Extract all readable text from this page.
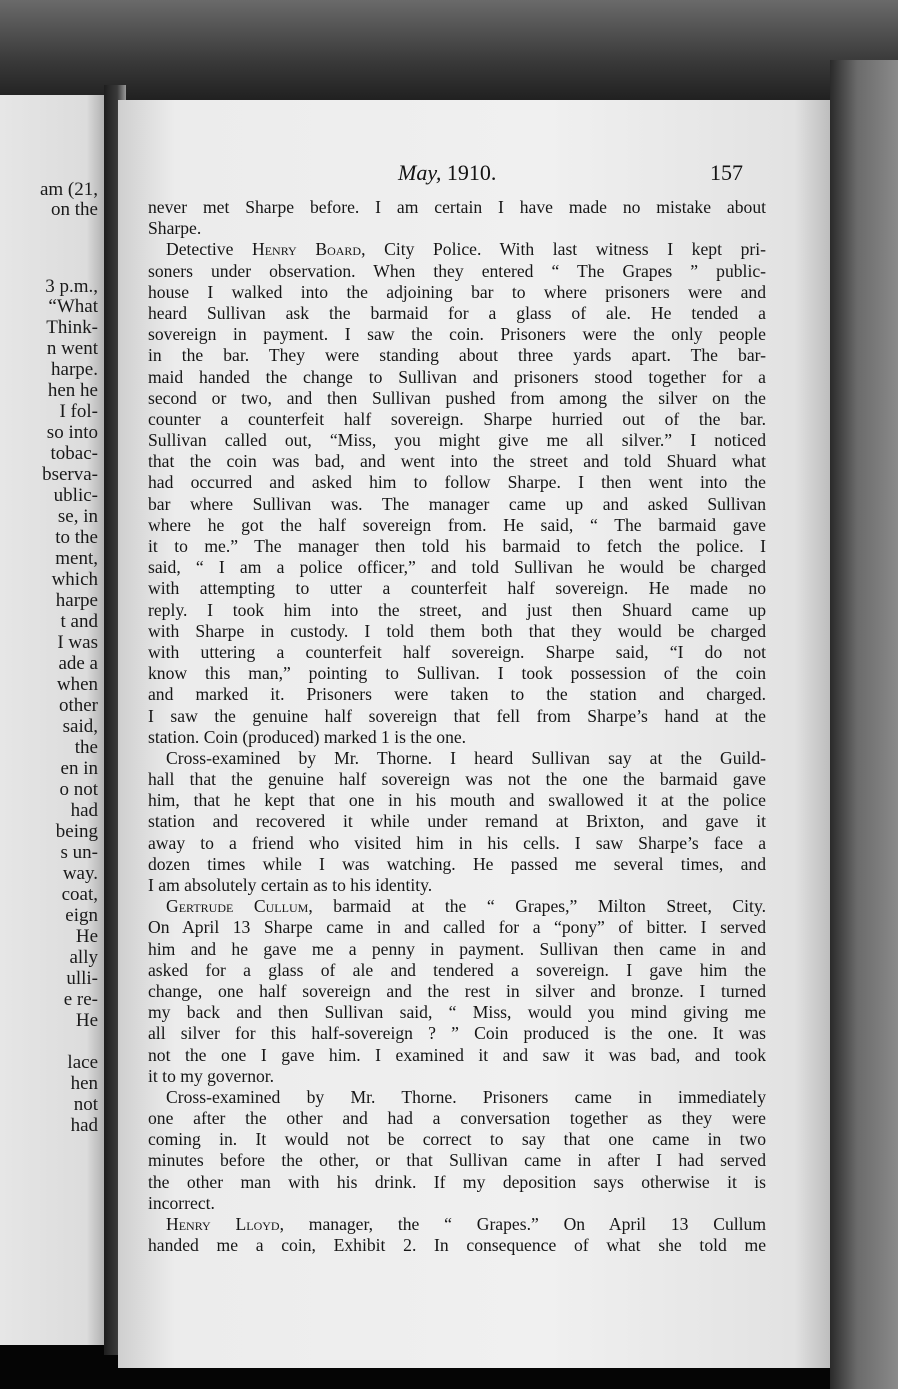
am (21,
on the
3 p.m.,
“What
Think-
n went
harpe.
hen he
I fol-
so into
tobac-
bserva-
ublic-
se, in
to the
ment,
which
harpe
t and
I was
ade a
when
other
said,
the
en in
o not
had
being
s un-
way.
coat,
eign
He
ally
ulli-
e re-
He
lace
hen
not
had
May, 1910.	157
never met Sharpe before. I am certain I have made no mistake about
Sharpe.
Detective Henry Board, City Police. With last witness I kept pri-
soners under observation. When they entered “ The Grapes ” public-
house I walked into the adjoining bar to where prisoners were and
heard Sullivan ask the barmaid for a glass of ale. He tended a
sovereign in payment. I saw the coin. Prisoners were the only people
in the bar. They were standing about three yards apart. The bar-
maid handed the change to Sullivan and prisoners stood together for a
second or two, and then Sullivan pushed from among the silver on the
counter a counterfeit half sovereign. Sharpe hurried out of the bar.
Sullivan called out, “Miss, you might give me all silver.” I noticed
that the coin was bad, and went into the street and told Shuard what
had occurred and asked him to follow Sharpe. I then went into the
bar where Sullivan was. The manager came up and asked Sullivan
where he got the half sovereign from. He said, “ The barmaid gave
it to me.” The manager then told his barmaid to fetch the police. I
said, “ I am a police officer,” and told Sullivan he would be charged
with attempting to utter a counterfeit half sovereign. He made no
reply. I took him into the street, and just then Shuard came up
with Sharpe in custody. I told them both that they would be charged
with uttering a counterfeit half sovereign. Sharpe said, “I do not
know this man,” pointing to Sullivan. I took possession of the coin
and marked it. Prisoners were taken to the station and charged.
I saw the genuine half sovereign that fell from Sharpe’s hand at the
station. Coin (produced) marked 1 is the one.
Cross-examined by Mr. Thorne. I heard Sullivan say at the Guild-
hall that the genuine half sovereign was not the one the barmaid gave
him, that he kept that one in his mouth and swallowed it at the police
station and recovered it while under remand at Brixton, and gave it
away to a friend who visited him in his cells. I saw Sharpe’s face a
dozen times while I was watching. He passed me several times, and
I am absolutely certain as to his identity.
Gertrude Cullum, barmaid at the “ Grapes,” Milton Street, City.
On April 13 Sharpe came in and called for a “pony” of bitter. I served
him and he gave me a penny in payment. Sullivan then came in and
asked for a glass of ale and tendered a sovereign. I gave him the
change, one half sovereign and the rest in silver and bronze. I turned
my back and then Sullivan said, “ Miss, would you mind giving me
all silver for this half-sovereign ? ” Coin produced is the one. It was
not the one I gave him. I examined it and saw it was bad, and took
it to my governor.
Cross-examined by Mr. Thorne. Prisoners came in immediately
one after the other and had a conversation together as they were
coming in. It would not be correct to say that one came in two
minutes before the other, or that Sullivan came in after I had served
the other man with his drink. If my deposition says otherwise it is
incorrect.
Henry Lloyd, manager, the “ Grapes.” On April 13 Cullum
handed me a coin, Exhibit 2. In consequence of what she told me
